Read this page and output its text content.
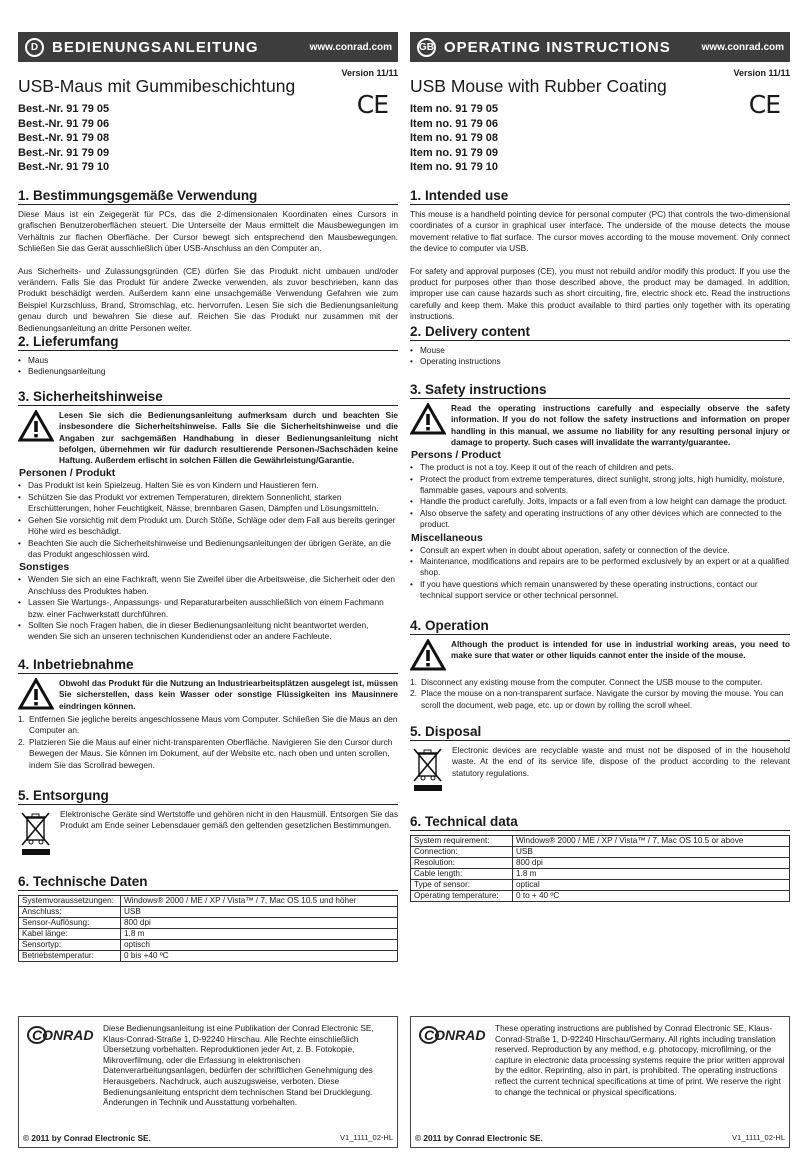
D BEDIENUNGSANLEITUNG	www.conrad.com
Version 11/11
USB-Maus mit Gummibeschichtung
CE
Best.-Nr. 91 79 05
Best.-Nr. 91 79 06
Best.-Nr. 91 79 08
Best.-Nr. 91 79 09
Best.-Nr. 91 79 10
1. Bestimmungsgemäße Verwendung

Diese Maus ist ein Zeigegerät für PCs, das die 2-dimensionalen Koordinaten eines Cursors in grafischen Benutzeroberflächen steuert. Die Unterseite der Maus ermittelt die Mausbewegungen im Verhältnis zur flachen Oberfläche. Der Cursor bewegt sich entsprechend den Mausbewegungen. Schließen Sie das Gerät ausschließlich über USB-Anschluss an den Computer an.

Aus Sicherheits- und Zulassungsgründen (CE) dürfen Sie das Produkt nicht umbauen und/oder verändern. Falls Sie das Produkt für andere Zwecke verwenden, als zuvor beschrieben, kann das Produkt beschädigt werden. Außerdem kann eine unsachgemäße Verwendung Gefahren wie zum Beispiel Kurzschluss, Brand, Stromschlag, etc. hervorrufen. Lesen Sie sich die Bedienungsanleitung genau durch und bewahren Sie diese auf. Reichen Sie das Produkt nur zusammen mit der Bedienungsanleitung an dritte Personen weiter.

2. Lieferumfang
• Maus
• Bedienungsanleitung
3. Sicherheitshinweise
Lesen Sie sich die Bedienungsanleitung aufmerksam durch und beachten Sie insbesondere die Sicherheitshinweise. Falls Sie die Sicherheitshinweise und die Angaben zur sachgemäßen Handhabung in dieser Bedienungsanleitung nicht befolgen, übernehmen wir für dadurch resultierende Personen-/Sachschäden keine Haftung. Außerdem erlischt in solchen Fällen die Gewährleistung/Garantie.
Personen / Produkt
• Das Produkt ist kein Spielzeug. Halten Sie es von Kindern und Haustieren fern.
• Schützen Sie das Produkt vor extremen Temperaturen, direktem Sonnenlicht, starken Erschütterungen, hoher Feuchtigkeit, Nässe, brennbaren Gasen, Dämpfen und Lösungsmitteln.
• Gehen Sie vorsichtig mit dem Produkt um. Durch Stöße, Schläge oder dem Fall aus bereits geringer Höhe wird es beschädigt.
• Beachten Sie auch die Sicherheitshinweise und Bedienungsanleitungen der übrigen Geräte, an die das Produkt angeschlossen wird.
Sonstiges
• Wenden Sie sich an eine Fachkraft, wenn Sie Zweifel über die Arbeitsweise, die Sicherheit oder den Anschluss des Produktes haben.
• Lassen Sie Wartungs-, Anpassungs- und Reparaturarbeiten ausschließlich von einem Fachmann bzw. einer Fachwerkstatt durchführen.
• Sollten Sie noch Fragen haben, die in dieser Bedienungsanleitung nicht beantwortet werden, wenden Sie sich an unseren technischen Kundendienst oder an andere Fachleute.
4. Inbetriebnahme
Obwohl das Produkt für die Nutzung an Industriearbeitsplätzen ausgelegt ist, müssen Sie sicherstellen, dass kein Wasser oder sonstige Flüssigkeiten ins Mausinnere eindringen können.
1. Entfernen Sie jegliche bereits angeschlossene Maus vom Computer. Schließen Sie die Maus an den Computer an.
2. Platzieren Sie die Maus auf einer nicht-transparenten Oberfläche. Navigieren Sie den Cursor durch Bewegen der Maus. Sie können im Dokument, auf der Website etc. nach oben und unten scrollen, indem Sie das Scrollrad bewegen.
5. Entsorgung

Elektronische Geräte sind Wertstoffe und gehören nicht in den Hausmüll. Entsorgen Sie das Produkt am Ende seiner Lebensdauer gemäß den geltenden gesetzlichen Bestimmungen.

6. Technische Daten
Systemvoraussetzungen:	Windows® 2000 / ME / XP / Vista™ / 7, Mac OS 10.5 und höher
Anschluss:	USB
Sensor-Auflösung:	800 dpi
Kabel länge:	1.8 m
Sensortyp:	optisch
Betriebstemperatur:	0 bis +40 ºC
CONRAD Diese Bedienungsanleitung ist eine Publikation der Conrad Electronic SE, Klaus-Conrad-Straße 1, D-92240 Hirschau. Alle Rechte einschließlich Übersetzung vorbehalten. Reproduktionen jeder Art, z. B. Fotokopie, Mikroverfilmung, oder die Erfassung in elektronischen Datenverarbeitungsanlagen, bedürfen der schriftlichen Genehmigung des Herausgebers. Nachdruck, auch auszugsweise, verboten. Diese Bedienungsanleitung entspricht dem technischen Stand bei Drucklegung. Änderungen in Technik und Ausstattung vorbehalten.
© 2011 by Conrad Electronic SE.	V1_1111_02-HL
GB OPERATING INSTRUCTIONS	www.conrad.com
Version 11/11
USB Mouse with Rubber Coating
CE
Item no. 91 79 05
Item no. 91 79 06
Item no. 91 79 08
Item no. 91 79 09
Item no. 91 79 10
1. Intended use

This mouse is a handheld pointing device for personal computer (PC) that controls the two-dimensional coordinates of a cursor in graphical user interface. The underside of the mouse detects the mouse movement relative to flat surface. The cursor moves according to the mouse movement. Only connect the device to computer via USB.

For safety and approval purposes (CE), you must not rebuild and/or modify this product. If you use the product for purposes other than those described above, the product may be damaged. In addition, improper use can cause hazards such as short circuiting, fire, electric shock etc. Read the instructions carefully and keep them. Make this product available to third parties only together with its operating instructions.

2. Delivery content
• Mouse
• Operating instructions
3. Safety instructions
Read the operating instructions carefully and especially observe the safety information. If you do not follow the safety instructions and information on proper handling in this manual, we assume no liability for any resulting personal injury or damage to property. Such cases will invalidate the warranty/guarantee.
Persons / Product
• The product is not a toy. Keep it out of the reach of children and pets.
• Protect the product from extreme temperatures, direct sunlight, strong jolts, high humidity, moisture, flammable gases, vapours and solvents.
• Handle the product carefully. Jolts, impacts or a fall even from a low height can damage the product.
• Also observe the safety and operating instructions of any other devices which are connected to the product.
Miscellaneous
• Consult an expert when in doubt about operation, safety or connection of the device.
• Maintenance, modifications and repairs are to be performed exclusively by an expert or at a qualified shop.
• If you have questions which remain unanswered by these operating instructions, contact our technical support service or other technical personnel.
4. Operation
Although the product is intended for use in industrial working areas, you need to make sure that water or other liquids cannot enter the inside of the mouse.
1. Disconnect any existing mouse from the computer. Connect the USB mouse to the computer.
2. Place the mouse on a non-transparent surface. Navigate the cursor by moving the mouse. You can scroll the document, web page, etc. up or down by rolling the scroll wheel.
5. Disposal

Electronic devices are recyclable waste and must not be disposed of in the household waste. At the end of its service life, dispose of the product according to the relevant statutory regulations.

6. Technical data
System requirement:	Windows® 2000 / ME / XP / Vista™ / 7, Mac OS 10.5 or above
Connection:	USB
Resolution:	800 dpi
Cable length:	1.8 m
Type of sensor:	optical
Operating temperature:	0 to + 40 ºC
CONRAD These operating instructions are published by Conrad Electronic SE, Klaus-Conrad-Straße 1, D-92240 Hirschau/Germany. All rights including translation reserved. Reproduction by any method, e.g. photocopy, microfilming, or the capture in electronic data processing systems require the prior written approval by the editor. Reprinting, also in part, is prohibited. The operating instructions reflect the current technical specifications at time of print. We reserve the right to change the technical or physical specifications.
© 2011 by Conrad Electronic SE.	V1_1111_02-HL
